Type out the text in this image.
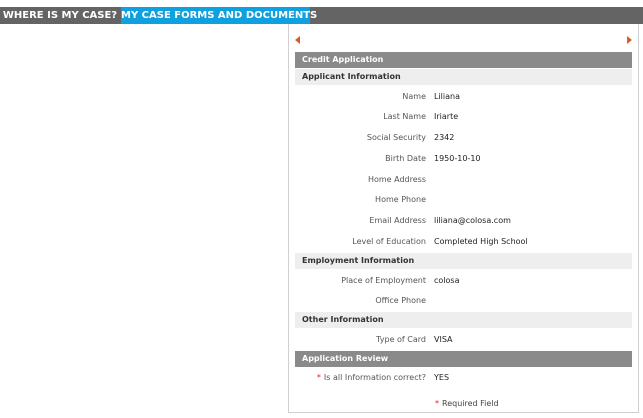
WHERE IS MY CASE? MY CASE FORMS AND DOCUMENTS
Credit Application
Applicant Information
Name Liliana
Last Name Iriarte
Social Security 2342
Birth Date 1950-10-10
Home Address
Home Phone
Email Address liliana@colosa.com
Level of Education Completed High School
Employment Information
Place of Employment colosa
Office Phone
Other Information
Type of Card VISA
Application Review
* Is all Information correct? YES
* Required Field
